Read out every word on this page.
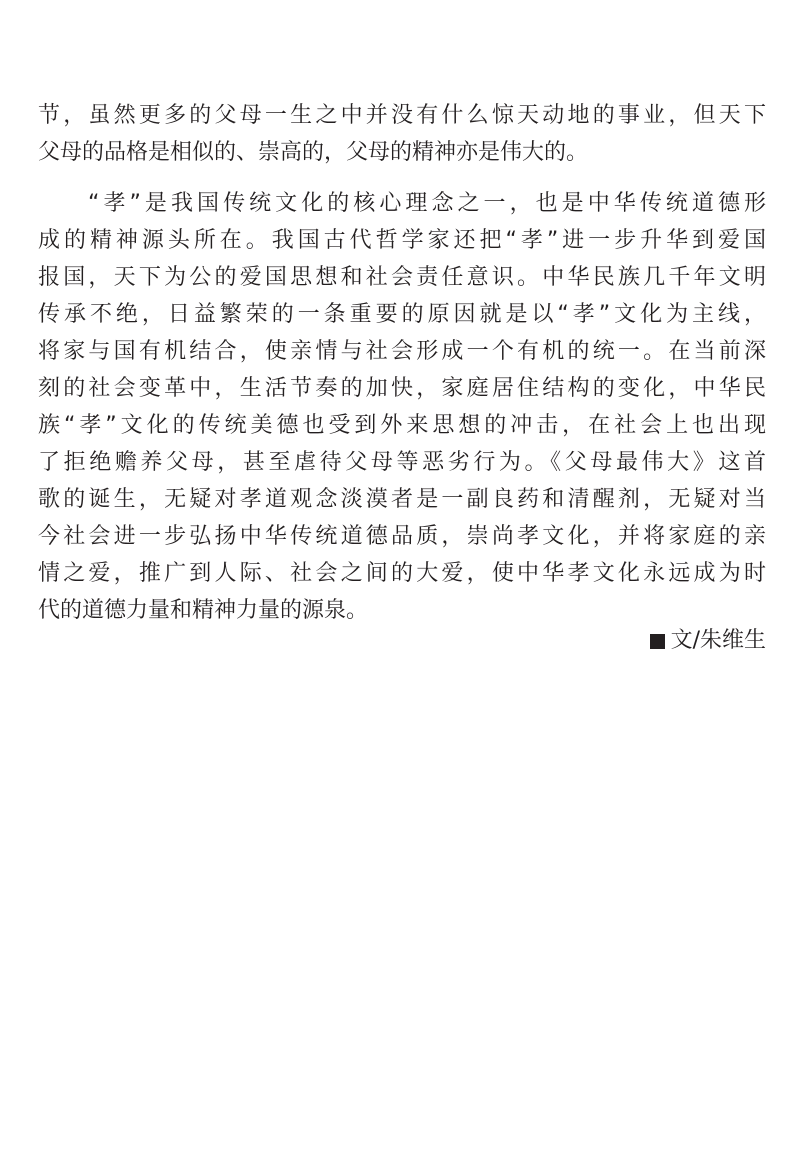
节，虽然更多的父母一生之中并没有什么惊天动地的事业，但天下
父母的品格是相似的、崇高的，父母的精神亦是伟大的。
“孝”是我国传统文化的核心理念之一，也是中华传统道德形
成的精神源头所在。我国古代哲学家还把“孝”进一步升华到爱国
报国，天下为公的爱国思想和社会责任意识。中华民族几千年文明
传承不绝，日益繁荣的一条重要的原因就是以“孝”文化为主线，
将家与国有机结合，使亲情与社会形成一个有机的统一。在当前深
刻的社会变革中，生活节奏的加快，家庭居住结构的变化，中华民
族“孝”文化的传统美德也受到外来思想的冲击，在社会上也出现
了拒绝赡养父母，甚至虐待父母等恶劣行为。《父母最伟大》这首
歌的诞生，无疑对孝道观念淡漠者是一副良药和清醒剂，无疑对当
今社会进一步弘扬中华传统道德品质，崇尚孝文化，并将家庭的亲
情之爱，推广到人际、社会之间的大爱，使中华孝文化永远成为时
代的道德力量和精神力量的源泉。
文/朱维生
